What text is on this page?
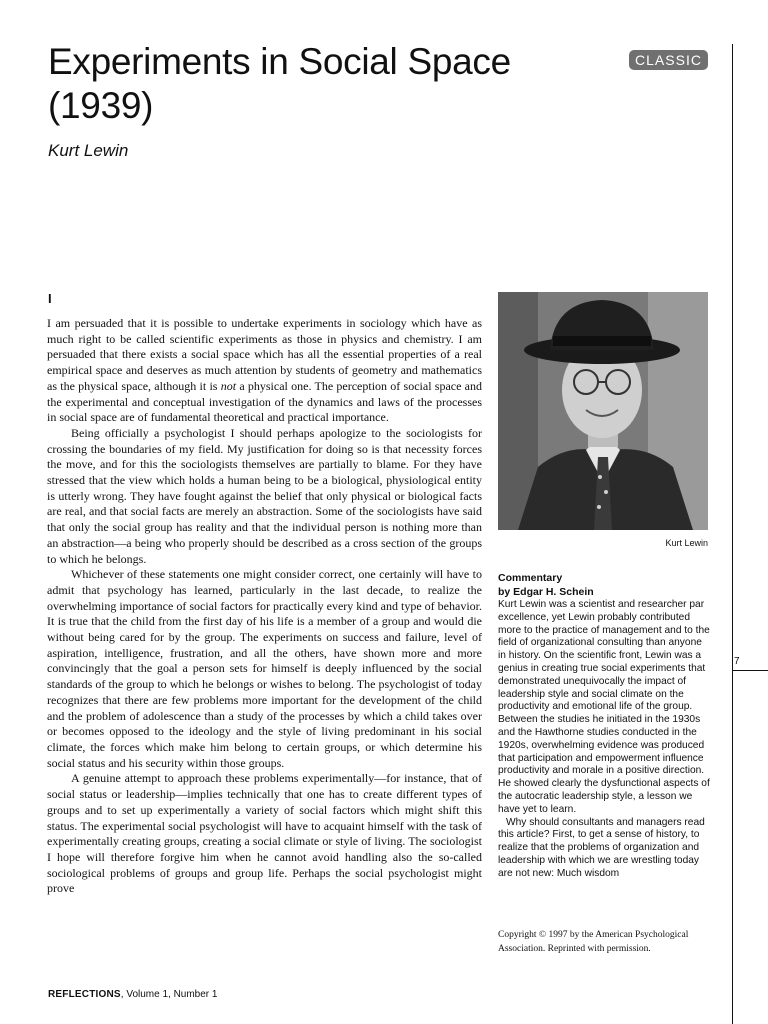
Experiments in Social Space
(1939)
Kurt Lewin
CLASSIC
7
I

I am persuaded that it is possible to undertake experiments in sociology which have as much right to be called scientific experiments as those in physics and chemistry. I am persuaded that there exists a social space which has all the essential properties of a real empirical space and deserves as much attention by students of geometry and mathematics as the physical space, although it is not a physical one. The perception of social space and the experimental and conceptual investigation of the dynamics and laws of the processes in social space are of fundamental theoretical and practical importance.

Being officially a psychologist I should perhaps apologize to the sociologists for crossing the boundaries of my field. My justification for doing so is that necessity forces the move, and for this the sociologists themselves are partially to blame. For they have stressed that the view which holds a human being to be a biological, physiological entity is utterly wrong. They have fought against the belief that only physical or biological facts are real, and that social facts are merely an abstraction. Some of the sociologists have said that only the social group has reality and that the individual person is nothing more than an abstraction—a being who properly should be described as a cross section of the groups to which he belongs.

Whichever of these statements one might consider correct, one certainly will have to admit that psychology has learned, particularly in the last decade, to realize the overwhelming importance of social factors for practically every kind and type of behavior. It is true that the child from the first day of his life is a member of a group and would die without being cared for by the group. The experiments on success and failure, level of aspiration, intelligence, frustration, and all the others, have shown more and more convincingly that the goal a person sets for himself is deeply influenced by the social standards of the group to which he belongs or wishes to belong. The psychologist of today recognizes that there are few problems more important for the development of the child and the problem of adolescence than a study of the processes by which a child takes over or becomes opposed to the ideology and the style of living predominant in his social climate, the forces which make him belong to certain groups, or which determine his social status and his security within those groups.

A genuine attempt to approach these problems experimentally—for instance, that of social status or leadership—implies technically that one has to create different types of groups and to set up experimentally a variety of social factors which might shift this status. The experimental social psychologist will have to acquaint himself with the task of experimentally creating groups, creating a social climate or style of living. The sociologist I hope will therefore forgive him when he cannot avoid handling also the so-called sociological problems of groups and group life. Perhaps the social psychologist might prove

Kurt Lewin

Commentary

by Edgar H. Schein

Kurt Lewin was a scientist and researcher par excellence, yet Lewin probably contributed more to the practice of management and to the field of organizational consulting than anyone in history. On the scientific front, Lewin was a genius in creating true social experiments that demonstrated unequivocally the impact of leadership style and social climate on the productivity and emotional life of the group. Between the studies he initiated in the 1930s and the Hawthorne studies conducted in the 1920s, overwhelming evidence was produced that participation and empowerment influence productivity and morale in a positive direction. He showed clearly the dysfunctional aspects of the autocratic leadership style, a lesson we have yet to learn.

Why should consultants and managers read this article? First, to get a sense of history, to realize that the problems of organization and leadership with which we are wrestling today are not new: Much wisdom

Copyright © 1997 by the American Psychological Association. Reprinted with permission.
REFLECTIONS, Volume 1, Number 1
